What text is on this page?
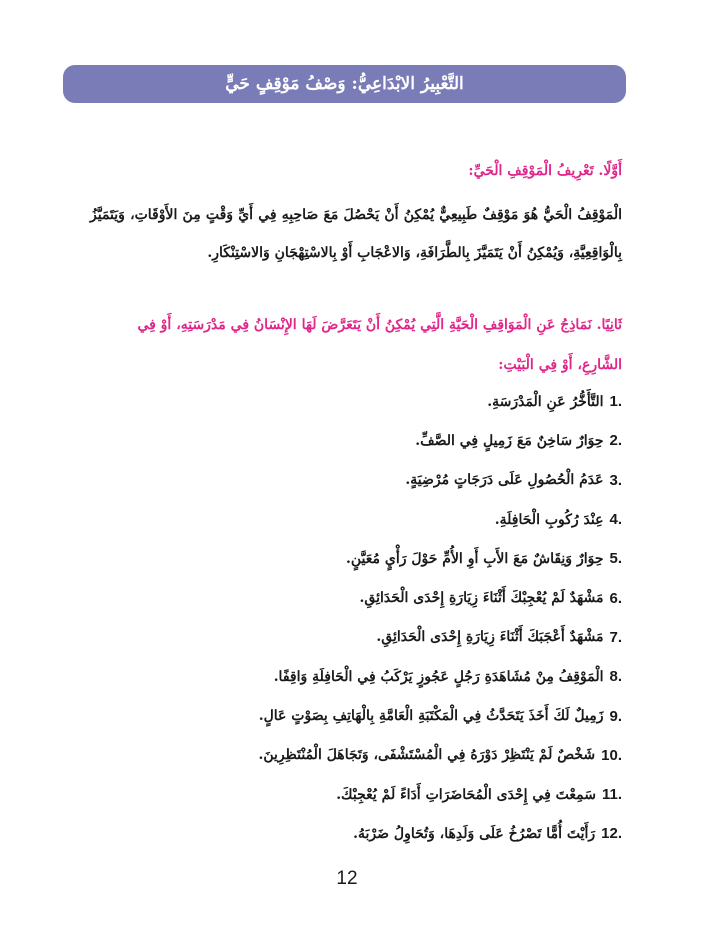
التَّعْبِيرُ الابْدَاعِيُّ: وَصْفُ مَوْقِفٍ حَيٍّ
أَوَّلًا. تَعْرِيفُ الْمَوْقِفِ الْحَيِّ:

الْمَوْقِفُ الْحَيُّ هُوَ مَوْقِفٌ طَبِيعِيٌّ يُمْكِنُ أَنْ يَحْصُلَ مَعَ صَاحِبِهِ فِي أَيِّ وَقْتٍ مِنَ الأَوْقَاتِ، وَيَتَمَيَّزُ بِالْوَاقِعِيَّةِ، وَيُمْكِنُ أَنْ يَتَمَيَّزَ بِالطَّرَافَةِ، وَالاعْجَابِ أَوْ بِالاسْتِهْجَانِ وَالاسْتِنْكَارِ.

ثَانِيًا. نَمَاذِجُ عَنِ الْمَوَاقِفِ الْحَيَّةِ الَّتِي يُمْكِنُ أَنْ يَتَعَرَّضَ لَهَا الإِنْسَانُ فِي مَدْرَسَتِهِ، أَوْ فِي الشَّارِعِ، أَوْ فِي الْبَيْتِ:
1.
التَّأَخُّرُ عَنِ الْمَدْرَسَةِ.
2.
حِوَارٌ سَاخِنٌ مَعَ زَمِيلٍ فِي الصَّفِّ.
3.
عَدَمُ الْحُصُولِ عَلَى دَرَجَاتٍ مُرْضِيَةٍ.
4.
عِنْدَ رُكُوبِ الْحَافِلَةِ.
5.
حِوَارٌ وَنِقَاشٌ مَعَ الأَبِ أَوِ الأُمِّ حَوْلَ رَأْيٍ مُعَيَّنٍ.
6.
مَشْهَدٌ لَمْ يُعْجِبْكَ أَثْنَاءَ زِيَارَةِ إِحْدَى الْحَدَائِقِ.
7.
مَشْهَدٌ أَعْجَبَكَ أَثْنَاءَ زِيَارَةِ إِحْدَى الْحَدَائِقِ.
8.
الْمَوْقِفُ مِنْ مُشَاهَدَةِ رَجُلٍ عَجُوزٍ يَرْكَبُ فِي الْحَافِلَةِ وَاقِفًا.
9.
زَمِيلٌ لَكَ أَخَذَ يَتَحَدَّثُ فِي الْمَكْتَبَةِ الْعَامَّةِ بِالْهَاتِفِ بِصَوْتٍ عَالٍ.
10.
شَخْصٌ لَمْ يَنْتَظِرْ دَوْرَهُ فِي الْمُسْتَشْفَى، وَتَجَاهَلَ الْمُنْتَظِرِينَ.
11.
سَمِعْتَ فِي إِحْدَى الْمُحَاضَرَاتِ أَدَاءً لَمْ يُعْجِبْكَ.
12.
رَأَيْتَ أُمًّا تَصْرُخُ عَلَى وَلَدِهَا، وَتُحَاوِلُ ضَرْبَهُ.
12
